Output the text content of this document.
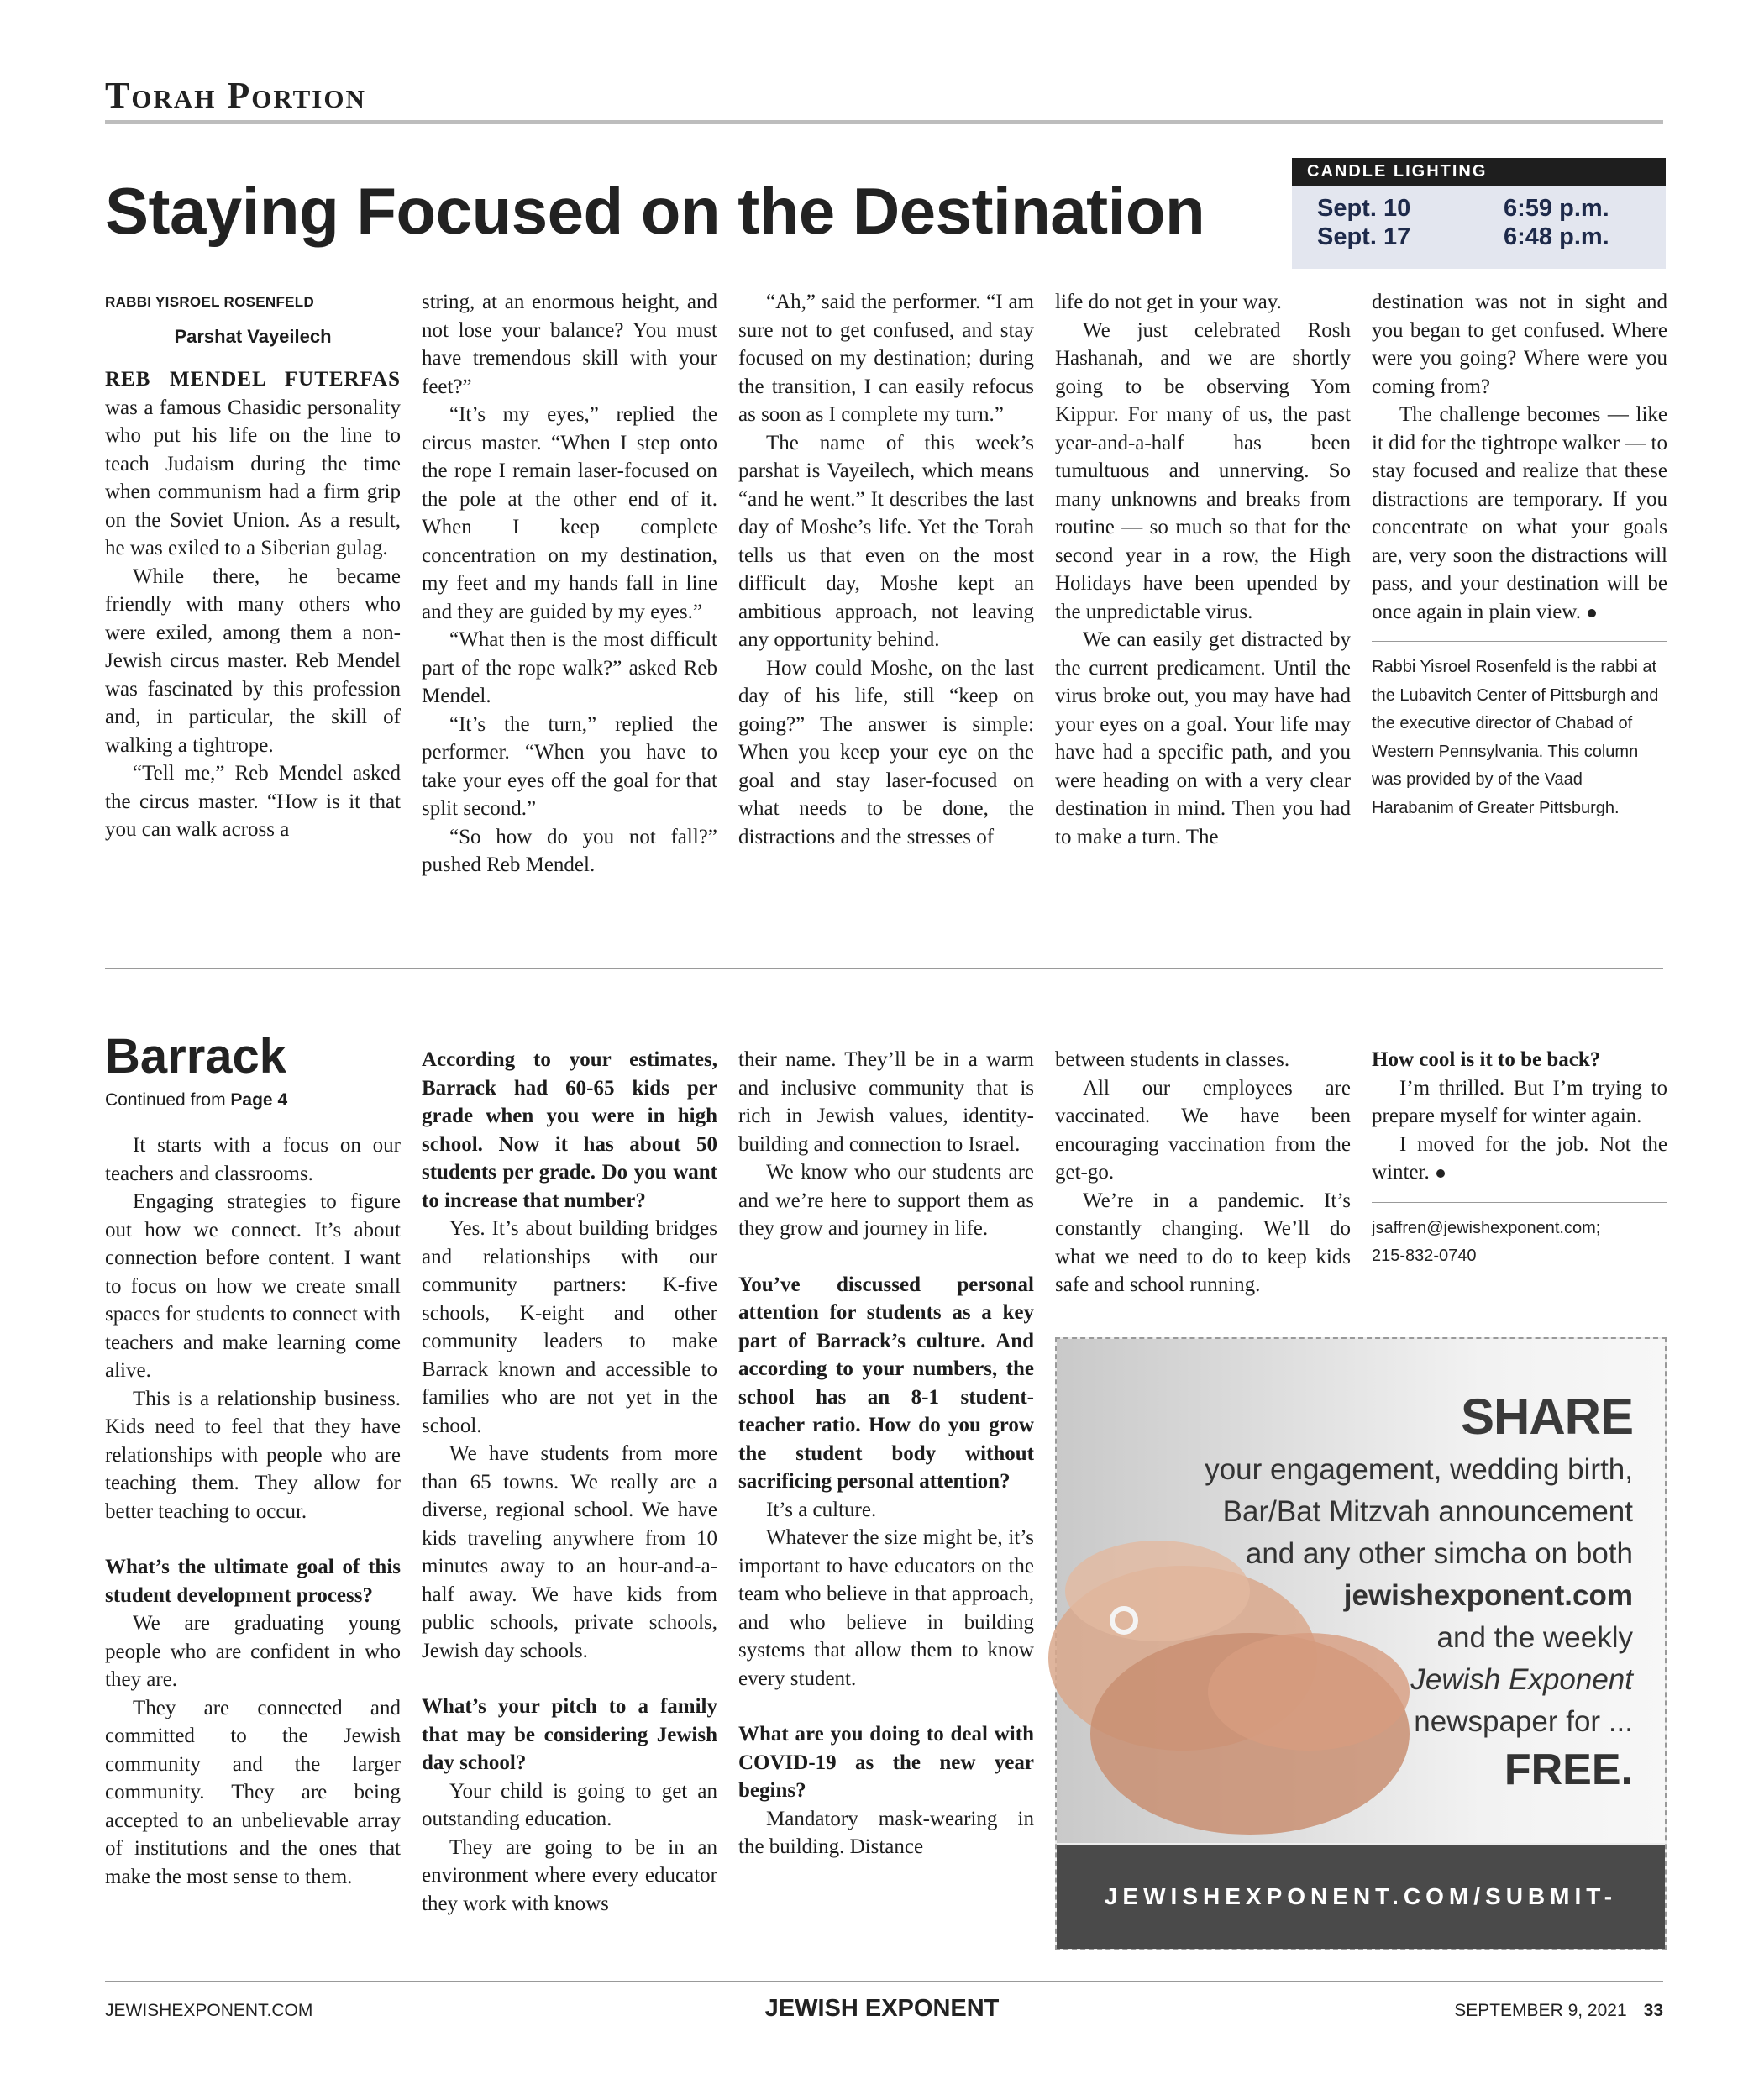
Torah Portion
Staying Focused on the Destination
CANDLE LIGHTING
Sept. 10	6:59 p.m.
Sept. 17	6:48 p.m.
RABBI YISROEL ROSENFELD
Parshat Vayeilech

REB MENDEL FUTERFAS was a famous Chasidic personality who put his life on the line to teach Judaism during the time when communism had a firm grip on the Soviet Union. As a result, he was exiled to a Siberian gulag.

While there, he became friendly with many others who were exiled, among them a non-Jewish circus master. Reb Mendel was fascinated by this profession and, in particular, the skill of walking a tightrope.

“Tell me,” Reb Mendel asked the circus master. “How is it that you can walk across a

string, at an enormous height, and not lose your balance? You must have tremendous skill with your feet?”

“It’s my eyes,” replied the circus master. “When I step onto the rope I remain laser-focused on the pole at the other end of it. When I keep complete concentration on my destination, my feet and my hands fall in line and they are guided by my eyes.”

“What then is the most difficult part of the rope walk?” asked Reb Mendel.

“It’s the turn,” replied the performer. “When you have to take your eyes off the goal for that split second.”

“So how do you not fall?” pushed Reb Mendel.

“Ah,” said the performer. “I am sure not to get confused, and stay focused on my destination; during the transition, I can easily refocus as soon as I complete my turn.”

The name of this week’s parshat is Vayeilech, which means “and he went.” It describes the last day of Moshe’s life. Yet the Torah tells us that even on the most difficult day, Moshe kept an ambitious approach, not leaving any opportunity behind.

How could Moshe, on the last day of his life, still “keep on going?” The answer is simple: When you keep your eye on the goal and stay laser-focused on what needs to be done, the distractions and the stresses of

life do not get in your way.

We just celebrated Rosh Hashanah, and we are shortly going to be observing Yom Kippur. For many of us, the past year-and-a-half has been tumultuous and unnerving. So many unknowns and breaks from routine — so much so that for the second year in a row, the High Holidays have been upended by the unpredictable virus.

We can easily get distracted by the current predicament. Until the virus broke out, you may have had your eyes on a goal. Your life may have had a specific path, and you were heading on with a very clear destination in mind. Then you had to make a turn. The

destination was not in sight and you began to get confused. Where were you going? Where were you coming from?

The challenge becomes — like it did for the tightrope walker — to stay focused and realize that these distractions are temporary. If you concentrate on what your goals are, very soon the distractions will pass, and your destination will be once again in plain view.

Rabbi Yisroel Rosenfeld is the rabbi at the Lubavitch Center of Pittsburgh and the executive director of Chabad of Western Pennsylvania. This column was provided by of the Vaad Harabanim of Greater Pittsburgh.
Barrack
Continued from Page 4

It starts with a focus on our teachers and classrooms.

Engaging strategies to figure out how we connect. It’s about connection before content. I want to focus on how we create small spaces for students to connect with teachers and make learning come alive.

This is a relationship business. Kids need to feel that they have relationships with people who are teaching them. They allow for better teaching to occur.

What’s the ultimate goal of this student development process?

We are graduating young people who are confident in who they are.

They are connected and committed to the Jewish community and the larger community. They are being accepted to an unbelievable array of institutions and the ones that make the most sense to them.

According to your estimates, Barrack had 60-65 kids per grade when you were in high school. Now it has about 50 students per grade. Do you want to increase that number?

Yes. It’s about building bridges and relationships with our community partners: K-five schools, K-eight and other community leaders to make Barrack known and accessible to families who are not yet in the school.

We have students from more than 65 towns. We really are a diverse, regional school. We have kids traveling anywhere from 10 minutes away to an hour-and-a-half away. We have kids from public schools, private schools, Jewish day schools.

What’s your pitch to a family that may be considering Jewish day school?

Your child is going to get an outstanding education.

They are going to be in an environment where every educator they work with knows

their name. They’ll be in a warm and inclusive community that is rich in Jewish values, identity-building and connection to Israel.

We know who our students are and we’re here to support them as they grow and journey in life.

You’ve discussed personal attention for students as a key part of Barrack’s culture. And according to your numbers, the school has an 8-1 student-teacher ratio. How do you grow the student body without sacrificing personal attention?

It’s a culture.

Whatever the size might be, it’s important to have educators on the team who believe in that approach, and who believe in building systems that allow them to know every student.

What are you doing to deal with COVID-19 as the new year begins?

Mandatory mask-wearing in the building. Distance

between students in classes.

All our employees are vaccinated. We have been encouraging vaccination from the get-go.

We’re in a pandemic. It’s constantly changing. We’ll do what we need to do to keep kids safe and school running.

How cool is it to be back?

I’m thrilled. But I’m trying to prepare myself for winter again.

I moved for the job. Not the winter.

jsaffren@jewishexponent.com;
215-832-0740
SHARE
your engagement, wedding birth,
Bar/Bat Mitzvah announcement
and any other simcha on both
jewishexponent.com
and the weekly
Jewish Exponent
newspaper for ...
FREE.
JEWISHEXPONENT.COM/SUBMIT-MAZEL-TOV
JEWISHEXPONENT.COM	JEWISH EXPONENT	SEPTEMBER 9, 2021 33
